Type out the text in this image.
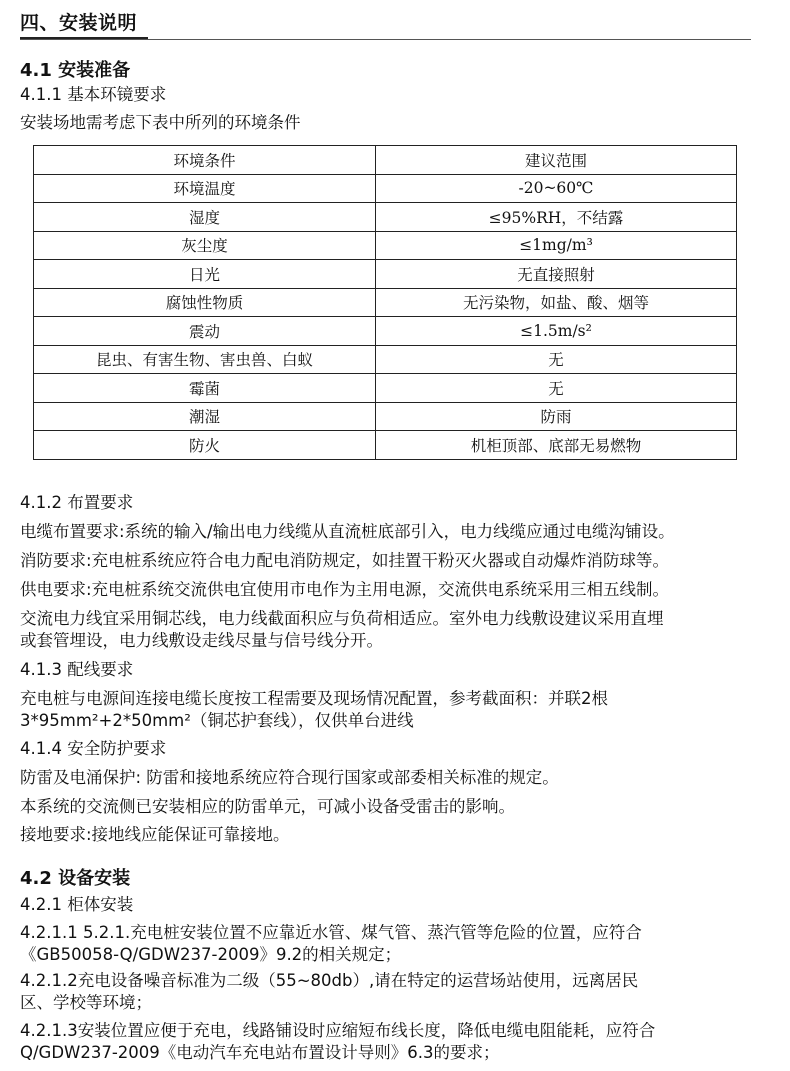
四、安装说明
4.1 安装准备
4.1.1 基本环镜要求
安装场地需考虑下表中所列的环境条件
环境条件	建议范围
环境温度	-20~60℃
湿度	≤95%RH，不结露
灰尘度	≤1mg/m³
日光	无直接照射
腐蚀性物质	无污染物，如盐、酸、烟等
震动	≤1.5m/s²
昆虫、有害生物、害虫兽、白蚁	无
霉菌	无
潮湿	防雨
防火	机柜顶部、底部无易燃物
4.1.2 布置要求
电缆布置要求:系统的输入/输出电力线缆从直流桩底部引入，电力线缆应通过电缆沟铺设。
消防要求:充电桩系统应符合电力配电消防规定，如挂置干粉灭火器或自动爆炸消防球等。
供电要求:充电桩系统交流供电宜使用市电作为主用电源，交流供电系统采用三相五线制。
交流电力线宜采用铜芯线，电力线截面积应与负荷相适应。室外电力线敷设建议采用直埋
或套管埋设，电力线敷设走线尽量与信号线分开。
4.1.3 配线要求
充电桩与电源间连接电缆长度按工程需要及现场情况配置，参考截面积：并联2根
3*95mm²+2*50mm²（铜芯护套线），仅供单台进线
4.1.4 安全防护要求
防雷及电涌保护: 防雷和接地系统应符合现行国家或部委相关标准的规定。
本系统的交流侧已安装相应的防雷单元，可减小设备受雷击的影响。
接地要求:接地线应能保证可靠接地。
4.2 设备安装
4.2.1 柜体安装
4.2.1.1 5.2.1.充电桩安装位置不应靠近水管、煤气管、蒸汽管等危险的位置，应符合
《GB50058-Q/GDW237-2009》9.2的相关规定；
4.2.1.2充电设备噪音标准为二级（55~80db）,请在特定的运营场站使用，远离居民
区、学校等环境；
4.2.1.3安装位置应便于充电，线路铺设时应缩短布线长度，降低电缆电阻能耗，应符合
Q/GDW237-2009《电动汽车充电站布置设计导则》6.3的要求；
